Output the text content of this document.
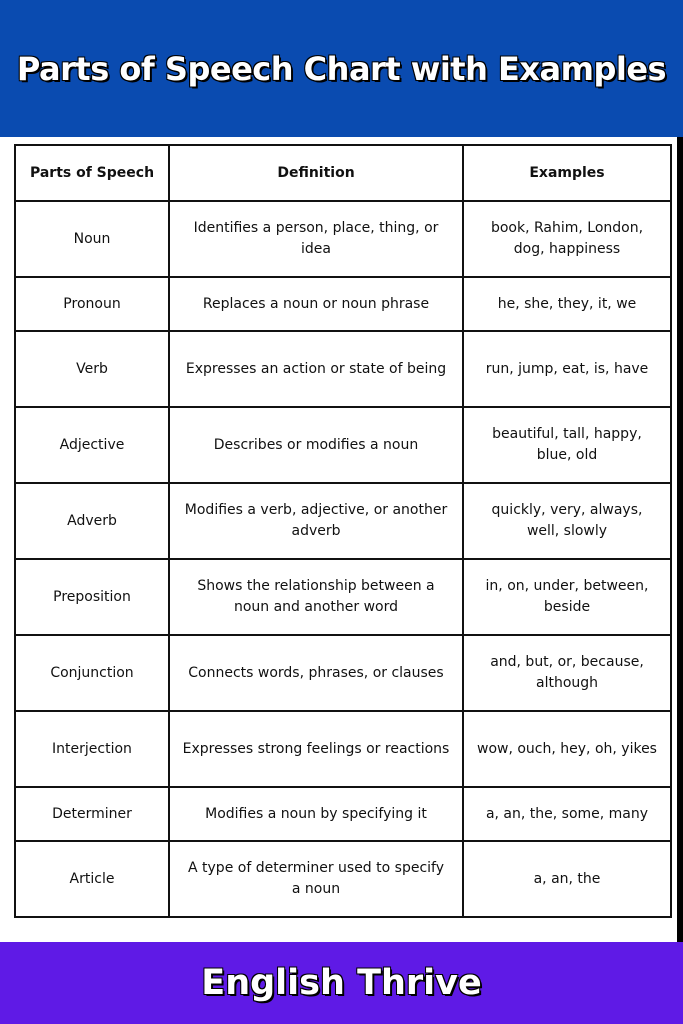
Parts of Speech Chart with Examples
Parts of Speech	Definition	Examples
Noun	Identifies a person, place, thing, or idea	book, Rahim, London, dog, happiness
Pronoun	Replaces a noun or noun phrase	he, she, they, it, we
Verb	Expresses an action or state of being	run, jump, eat, is, have
Adjective	Describes or modifies a noun	beautiful, tall, happy, blue, old
Adverb	Modifies a verb, adjective, or another adverb	quickly, very, always, well, slowly
Preposition	Shows the relationship between a noun and another word	in, on, under, between, beside
Conjunction	Connects words, phrases, or clauses	and, but, or, because, although
Interjection	Expresses strong feelings or reactions	wow, ouch, hey, oh, yikes
Determiner	Modifies a noun by specifying it	a, an, the, some, many
Article	A type of determiner used to specify a noun	a, an, the
English Thrive
